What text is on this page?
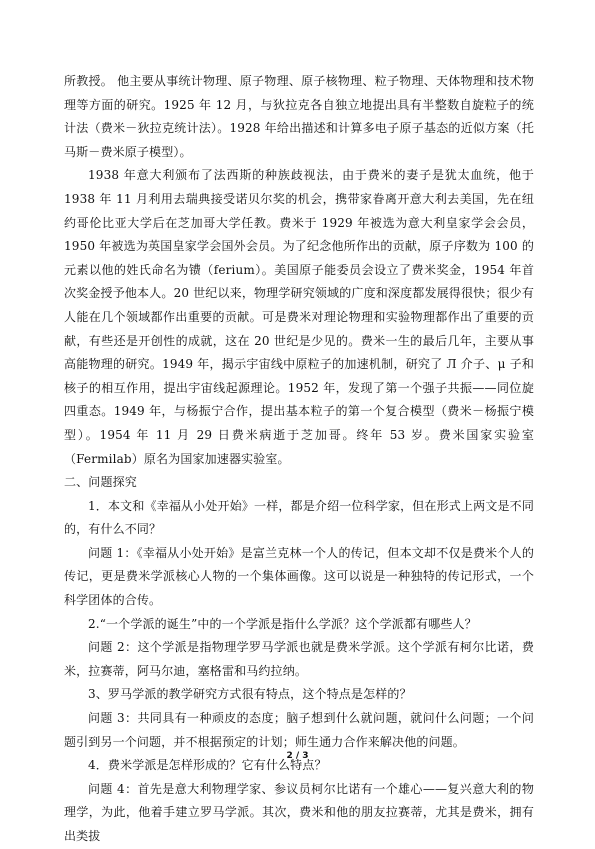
所教授。 他主要从事统计物理、原子物理、原子核物理、粒子物理、天体物理和技术物理等方面的研究。1925 年 12 月，与狄拉克各自独立地提出具有半整数自旋粒子的统计法（费米－狄拉克统计法）。1928 年给出描述和计算多电子原子基态的近似方案（托马斯－费米原子模型）。

1938 年意大利颁布了法西斯的种族歧视法，由于费米的妻子是犹太血统，他于 1938 年 11 月利用去瑞典接受诺贝尔奖的机会，携带家眷离开意大利去美国，先在纽约哥伦比亚大学后在芝加哥大学任教。费米于 1929 年被选为意大利皇家学会会员，1950 年被选为英国皇家学会国外会员。为了纪念他所作出的贡献，原子序数为 100 的元素以他的姓氏命名为镄（ferium）。美国原子能委员会设立了费米奖金，1954 年首次奖金授予他本人。20 世纪以来，物理学研究领域的广度和深度都发展得很快；很少有人能在几个领域都作出重要的贡献。可是费米对理论物理和实验物理都作出了重要的贡献，有些还是开创性的成就，这在 20 世纪是少见的。费米一生的最后几年，主要从事高能物理的研究。1949 年，揭示宇宙线中原粒子的加速机制，研究了 Л 介子、μ 子和核子的相互作用，提出宇宙线起源理论。1952 年，发现了第一个强子共振——同位旋四重态。1949 年，与杨振宁合作，提出基本粒子的第一个复合模型（费米－杨振宁模型）。1954 年 11 月 29 日费米病逝于芝加哥。终年 53 岁。费米国家实验室（Fermilab）原名为国家加速器实验室。

二、问题探究

1．本文和《幸福从小处开始》一样，都是介绍一位科学家，但在形式上两文是不同的，有什么不同？

问题 1：《幸福从小处开始》是富兰克林一个人的传记，但本文却不仅是费米个人的传记，更是费米学派核心人物的一个集体画像。这可以说是一种独特的传记形式，一个科学团体的合传。

2.“一个学派的诞生”中的一个学派是指什么学派？这个学派都有哪些人？

问题 2：这个学派是指物理学罗马学派也就是费米学派。这个学派有柯尔比诺，费米，拉赛蒂，阿马尔迪，塞格雷和马约拉纳。

3、罗马学派的教学研究方式很有特点，这个特点是怎样的？

问题 3：共同具有一种顽皮的态度；脑子想到什么就问题，就问什么问题；一个问题引到另一个问题，并不根据预定的计划；师生通力合作来解决他的问题。

4．费米学派是怎样形成的？它有什么特点？

问题 4：首先是意大利物理学家、参议员柯尔比诺有一个雄心——复兴意大利的物理学，为此，他着手建立罗马学派。其次，费米和他的朋友拉赛蒂，尤其是费米，拥有出类拔

2 / 3
